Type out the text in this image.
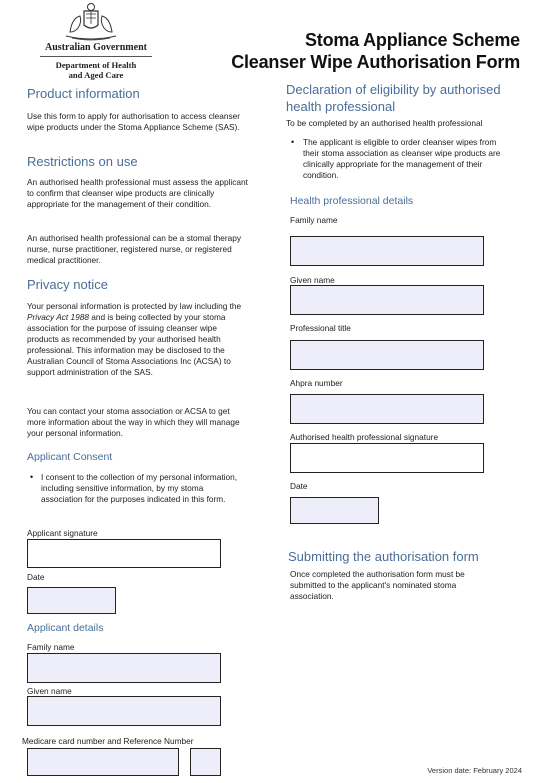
Australian Government
Department of Health
and Aged Care
Stoma Appliance Scheme
Cleanser Wipe Authorisation Form
Product information
Use this form to apply for authorisation to access cleanser wipe products under the Stoma Appliance Scheme (SAS).
Restrictions on use
An authorised health professional must assess the applicant to confirm that cleanser wipe products are clinically appropriate for the management of their condition.
An authorised health professional can be a stomal therapy nurse, nurse practitioner, registered nurse, or registered medical practitioner.
Privacy notice
Your personal information is protected by law including the Privacy Act 1988 and is being collected by your stoma association for the purpose of issuing cleanser wipe products as recommended by your authorised health professional. This information may be disclosed to the Australian Council of Stoma Associations Inc (ACSA) to support administration of the SAS.
You can contact your stoma association or ACSA to get more information about the way in which they will manage your personal information.
Applicant Consent
• I consent to the collection of my personal information, including sensitive information, by my stoma association for the purposes indicated in this form.
Applicant signature
Date
Applicant details
Family name
Given name
Medicare card number and Reference Number
Declaration of eligibility by authorised health professional
To be completed by an authorised health professional
• The applicant is eligible to order cleanser wipes from their stoma association as cleanser wipe products are clinically appropriate for the management of their condition.
Health professional details
Family name
Given name
Professional title
Ahpra number
Authorised health professional signature
Date
Submitting the authorisation form
Once completed the authorisation form must be submitted to the applicant's nominated stoma association.
Version date: February 2024
